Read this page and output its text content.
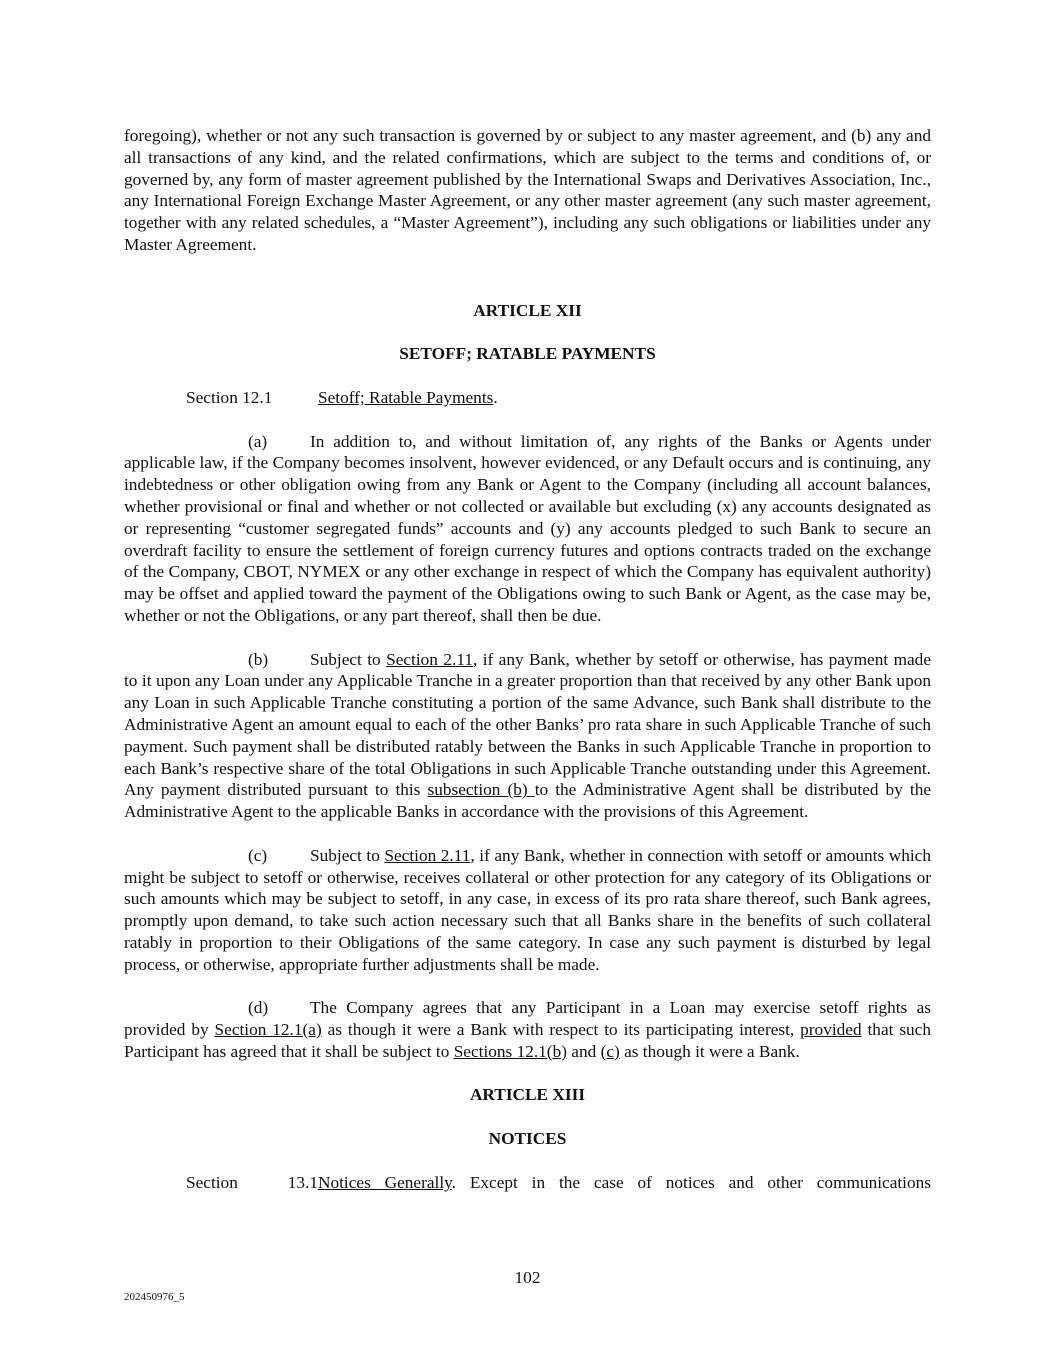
foregoing), whether or not any such transaction is governed by or subject to any master agreement, and (b) any and all transactions of any kind, and the related confirmations, which are subject to the terms and conditions of, or governed by, any form of master agreement published by the International Swaps and Derivatives Association, Inc., any International Foreign Exchange Master Agreement, or any other master agreement (any such master agreement, together with any related schedules, a “Master Agreement”), including any such obligations or liabilities under any Master Agreement.

ARTICLE XII

SETOFF; RATABLE PAYMENTS

Section 12.1	Setoff; Ratable Payments.

(a) In addition to, and without limitation of, any rights of the Banks or Agents under applicable law, if the Company becomes insolvent, however evidenced, or any Default occurs and is continuing, any indebtedness or other obligation owing from any Bank or Agent to the Company (including all account balances, whether provisional or final and whether or not collected or available but excluding (x) any accounts designated as or representing “customer segregated funds” accounts and (y) any accounts pledged to such Bank to secure an overdraft facility to ensure the settlement of foreign currency futures and options contracts traded on the exchange of the Company, CBOT, NYMEX or any other exchange in respect of which the Company has equivalent authority) may be offset and applied toward the payment of the Obligations owing to such Bank or Agent, as the case may be, whether or not the Obligations, or any part thereof, shall then be due.

(b) Subject to Section 2.11, if any Bank, whether by setoff or otherwise, has payment made to it upon any Loan under any Applicable Tranche in a greater proportion than that received by any other Bank upon any Loan in such Applicable Tranche constituting a portion of the same Advance, such Bank shall distribute to the Administrative Agent an amount equal to each of the other Banks’ pro rata share in such Applicable Tranche of such payment. Such payment shall be distributed ratably between the Banks in such Applicable Tranche in proportion to each Bank’s respective share of the total Obligations in such Applicable Tranche outstanding under this Agreement. Any payment distributed pursuant to this subsection (b) to the Administrative Agent shall be distributed by the Administrative Agent to the applicable Banks in accordance with the provisions of this Agreement.

(c) Subject to Section 2.11, if any Bank, whether in connection with setoff or amounts which might be subject to setoff or otherwise, receives collateral or other protection for any category of its Obligations or such amounts which may be subject to setoff, in any case, in excess of its pro rata share thereof, such Bank agrees, promptly upon demand, to take such action necessary such that all Banks share in the benefits of such collateral ratably in proportion to their Obligations of the same category. In case any such payment is disturbed by legal process, or otherwise, appropriate further adjustments shall be made.

(d) The Company agrees that any Participant in a Loan may exercise setoff rights as provided by Section 12.1(a) as though it were a Bank with respect to its participating interest, provided that such Participant has agreed that it shall be subject to Sections 12.1(b) and (c) as though it were a Bank.

ARTICLE XIII

NOTICES

Section 13.1Notices Generally. Except in the case of notices and other communications

102
202450976_5
